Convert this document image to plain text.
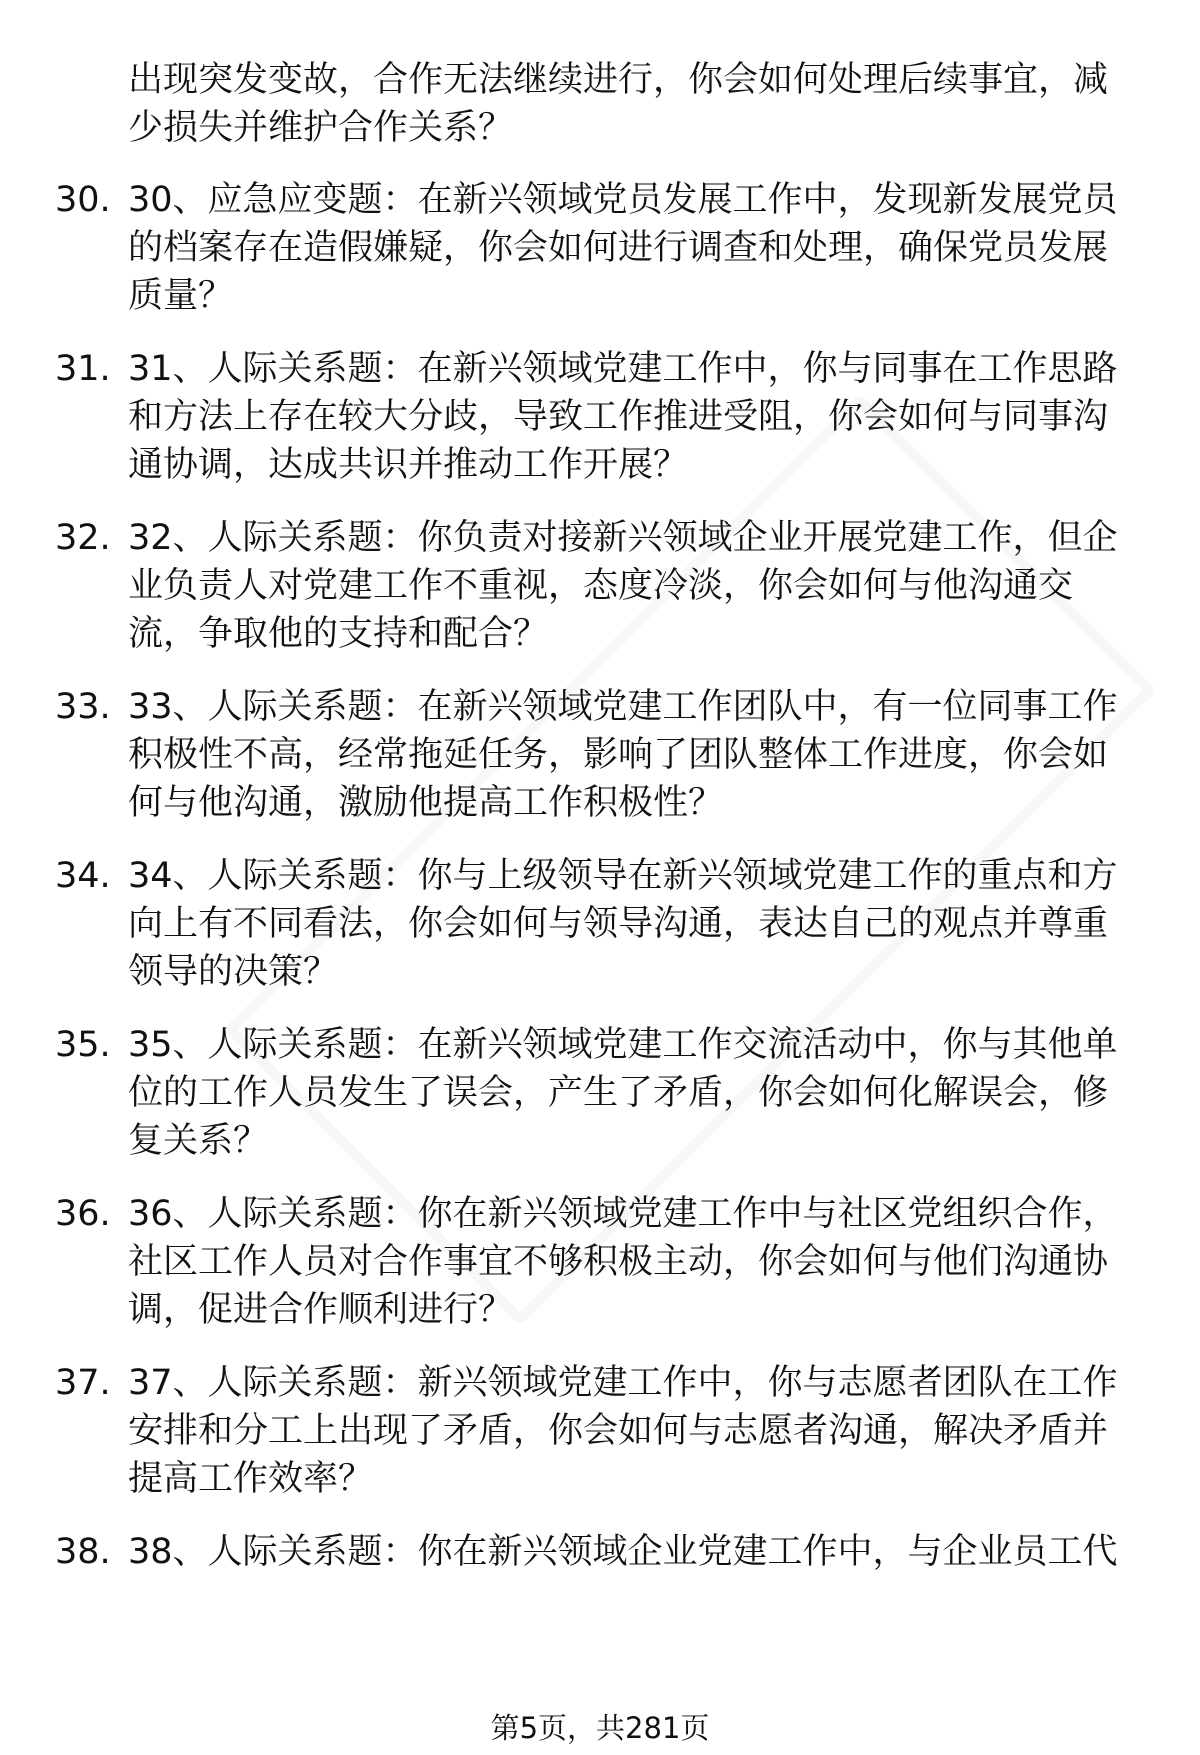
出现突发变故，合作无法继续进行，你会如何处理后续事宜，减少损失并维护合作关系？

30. 30、应急应变题：在新兴领域党员发展工作中，发现新发展党员的档案存在造假嫌疑，你会如何进行调查和处理，确保党员发展质量？

31. 31、人际关系题：在新兴领域党建工作中，你与同事在工作思路和方法上存在较大分歧，导致工作推进受阻，你会如何与同事沟通协调，达成共识并推动工作开展？

32. 32、人际关系题：你负责对接新兴领域企业开展党建工作，但企业负责人对党建工作不重视，态度冷淡，你会如何与他沟通交流，争取他的支持和配合？

33. 33、人际关系题：在新兴领域党建工作团队中，有一位同事工作积极性不高，经常拖延任务，影响了团队整体工作进度，你会如何与他沟通，激励他提高工作积极性？

34. 34、人际关系题：你与上级领导在新兴领域党建工作的重点和方向上有不同看法，你会如何与领导沟通，表达自己的观点并尊重领导的决策？

35. 35、人际关系题：在新兴领域党建工作交流活动中，你与其他单位的工作人员发生了误会，产生了矛盾，你会如何化解误会，修复关系？

36. 36、人际关系题：你在新兴领域党建工作中与社区党组织合作，社区工作人员对合作事宜不够积极主动，你会如何与他们沟通协调，促进合作顺利进行？

37. 37、人际关系题：新兴领域党建工作中，你与志愿者团队在工作安排和分工上出现了矛盾，你会如何与志愿者沟通，解决矛盾并提高工作效率？

38. 38、人际关系题：你在新兴领域企业党建工作中，与企业员工代

第5页，共281页
